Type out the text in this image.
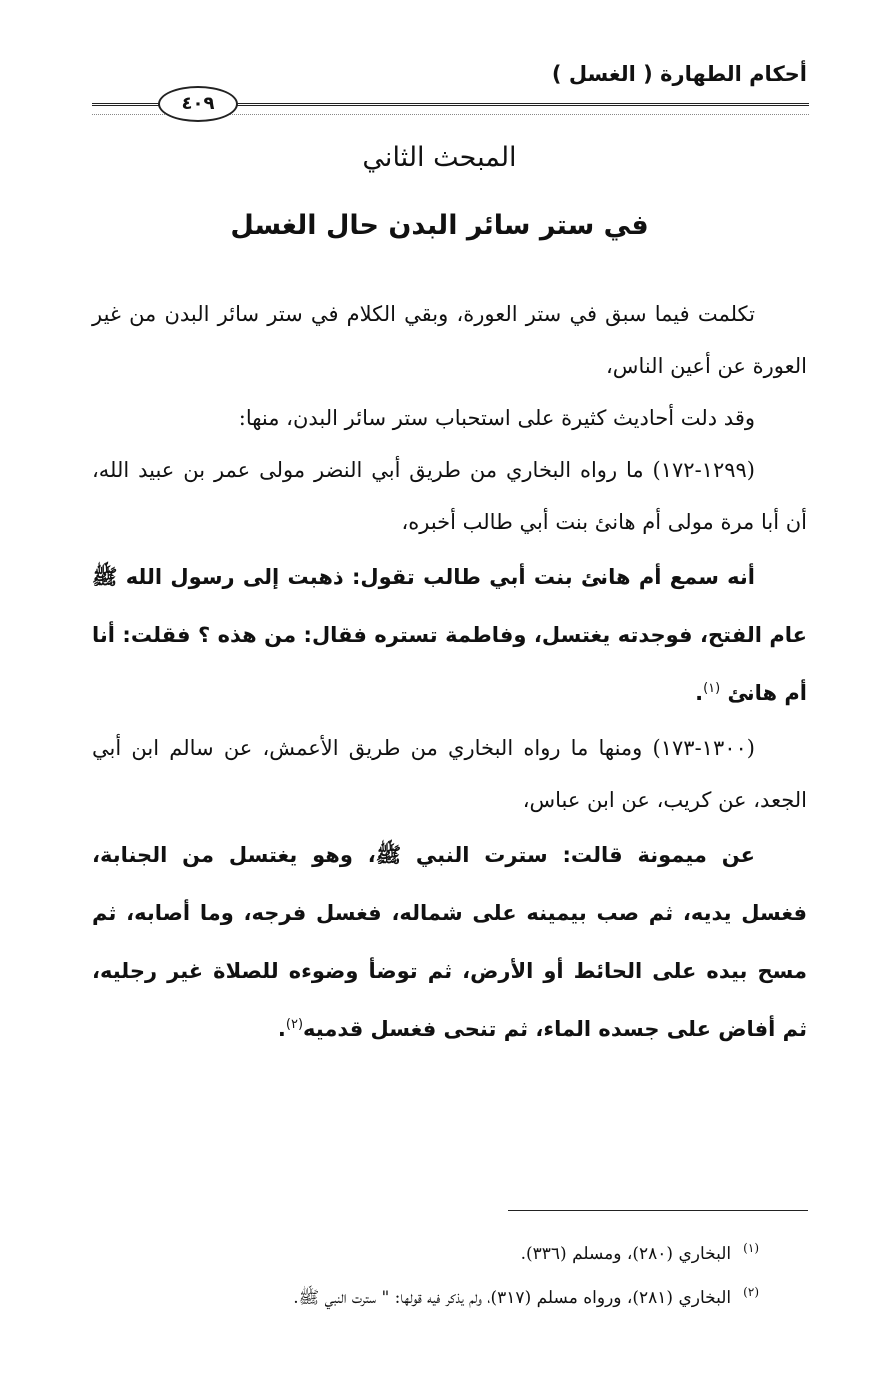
أحكام الطهارة ( الغسل )
٤٠٩
المبحث الثاني
في ستر سائر البدن حال الغسل

تكلمت فيما سبق في ستر العورة، وبقي الكلام في ستر سائر البدن من غير العورة عن أعين الناس،

وقد دلت أحاديث كثيرة على استحباب ستر سائر البدن، منها:

(١٢٩٩-١٧٢) ما رواه البخاري من طريق أبي النضر مولى عمر بن عبيد الله، أن أبا مرة مولى أم هانئ بنت أبي طالب أخبره،

أنه سمع أم هانئ بنت أبي طالب تقول: ذهبت إلى رسول الله ﷺ عام الفتح، فوجدته يغتسل، وفاطمة تستره فقال: من هذه ؟ فقلت: أنا أم هانئ $^{(١)}$.

(١٣٠٠-١٧٣) ومنها ما رواه البخاري من طريق الأعمش، عن سالم ابن أبي الجعد، عن كريب، عن ابن عباس،

عن ميمونة قالت: سترت النبي ﷺ، وهو يغتسل من الجنابة، فغسل يديه، ثم صب بيمينه على شماله، فغسل فرجه، وما أصابه، ثم مسح بيده على الحائط أو الأرض، ثم توضأ وضوءه للصلاة غير رجليه، ثم أفاض على جسده الماء، ثم تنحى فغسل قدميه$^{(٢)}$.

$^{(١)}$البخاري (٢٨٠)، ومسلم (٣٣٦).

$^{(٢)}$البخاري (٢٨١)، ورواه مسلم (٣١٧)، ولم يذكر فيه قولها: " سترت النبي ﷺ.
